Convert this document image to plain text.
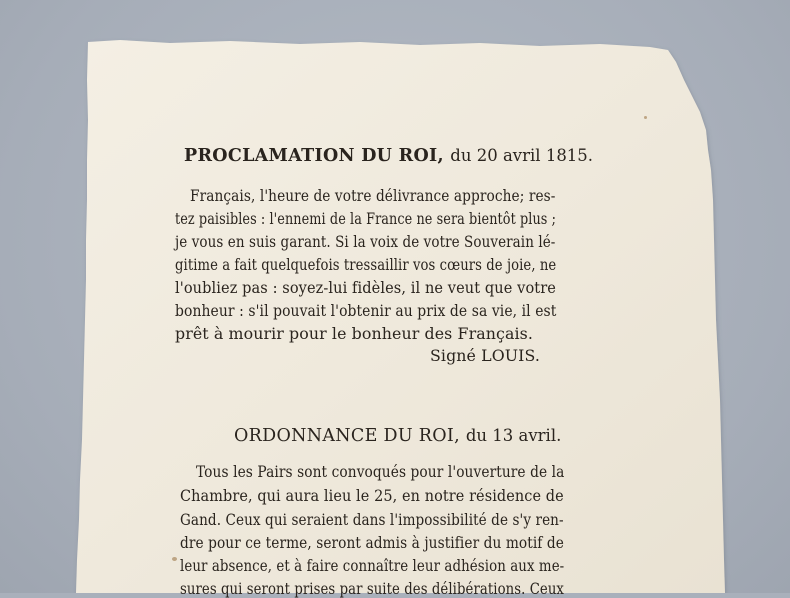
PROCLAMATION DU ROI, du 20 avril 1815.
Français, l'heure de votre délivrance approche; res-
tez paisibles : l'ennemi de la France ne sera bientôt plus ;
je vous en suis garant. Si la voix de votre Souverain lé-
gitime a fait quelquefois tressaillir vos cœurs de joie, ne
l'oubliez pas : soyez-lui fidèles, il ne veut que votre
bonheur : s'il pouvait l'obtenir au prix de sa vie, il est
prêt à mourir pour le bonheur des Français.
Signé LOUIS.
ORDONNANCE DU ROI, du 13 avril.
Tous les Pairs sont convoqués pour l'ouverture de la
Chambre, qui aura lieu le 25, en notre résidence de
Gand. Ceux qui seraient dans l'impossibilité de s'y ren-
dre pour ce terme, seront admis à justifier du motif de
leur absence, et à faire connaître leur adhésion aux me-
sures qui seront prises par suite des délibérations. Ceux
